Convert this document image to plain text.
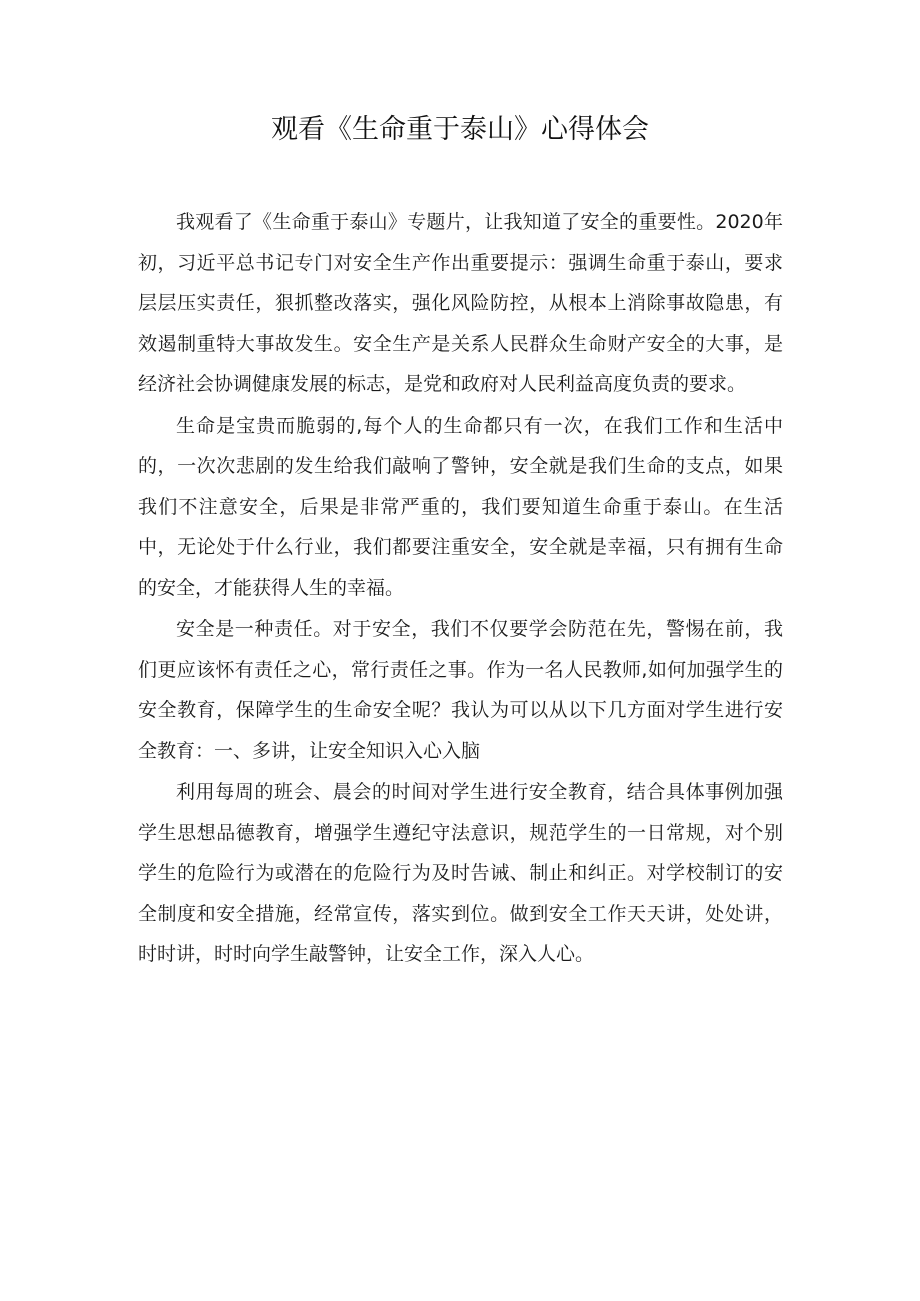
观看《生命重于泰山》心得体会

我观看了《生命重于泰山》专题片，让我知道了安全的重要性。2020年初，习近平总书记专门对安全生产作出重要提示：强调生命重于泰山，要求层层压实责任，狠抓整改落实，强化风险防控，从根本上消除事故隐患，有效遏制重特大事故发生。安全生产是关系人民群众生命财产安全的大事，是经济社会协调健康发展的标志，是党和政府对人民利益高度负责的要求。

生命是宝贵而脆弱的,每个人的生命都只有一次，在我们工作和生活中的，一次次悲剧的发生给我们敲响了警钟，安全就是我们生命的支点，如果我们不注意安全，后果是非常严重的，我们要知道生命重于泰山。在生活中，无论处于什么行业，我们都要注重安全，安全就是幸福，只有拥有生命的安全，才能获得人生的幸福。

安全是一种责任。对于安全，我们不仅要学会防范在先，警惕在前，我们更应该怀有责任之心，常行责任之事。作为一名人民教师,如何加强学生的安全教育，保障学生的生命安全呢？我认为可以从以下几方面对学生进行安全教育：一、多讲，让安全知识入心入脑

利用每周的班会、晨会的时间对学生进行安全教育，结合具体事例加强学生思想品德教育，增强学生遵纪守法意识，规范学生的一日常规，对个别学生的危险行为或潜在的危险行为及时告诫、制止和纠正。对学校制订的安全制度和安全措施，经常宣传，落实到位。做到安全工作天天讲，处处讲，时时讲，时时向学生敲警钟，让安全工作，深入人心。
